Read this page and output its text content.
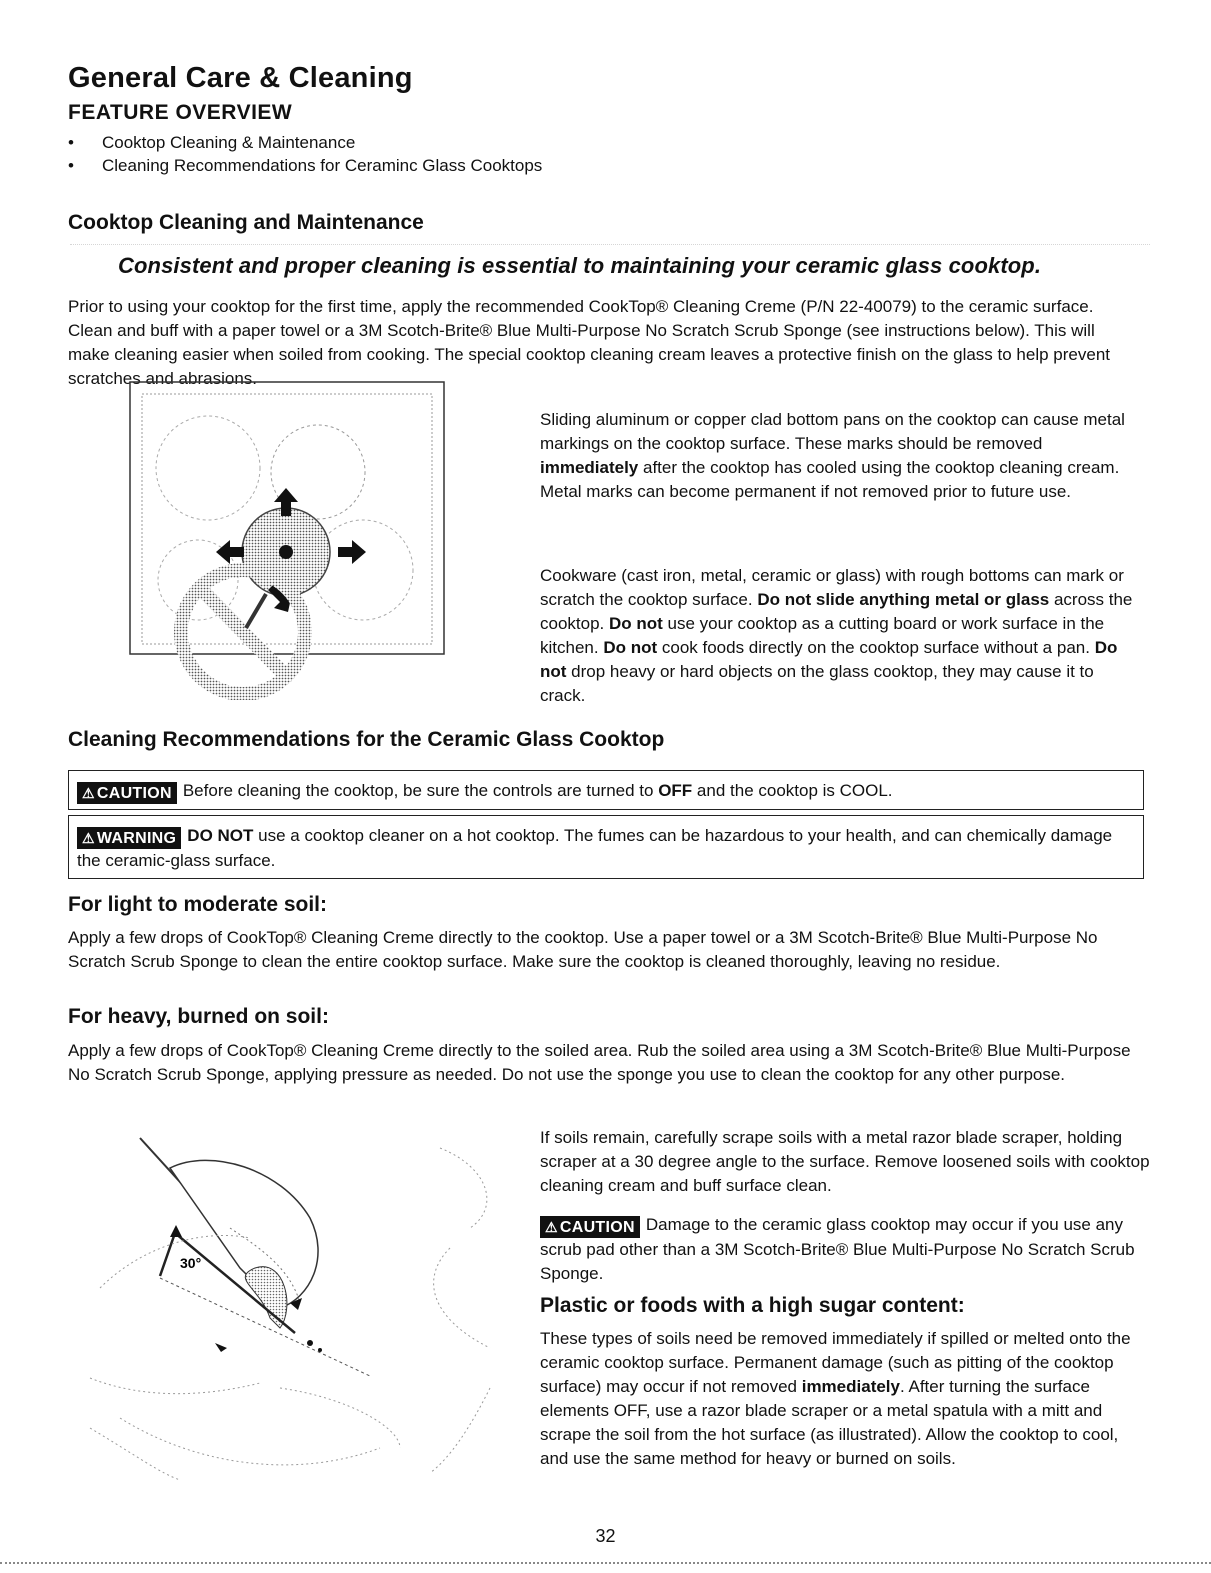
General Care & Cleaning
FEATURE OVERVIEW
• Cooktop Cleaning & Maintenance
• Cleaning Recommendations for Ceraminc Glass Cooktops
Cooktop Cleaning and Maintenance
Consistent and proper cleaning is essential to maintaining your ceramic glass cooktop.

Prior to using your cooktop for the first time, apply the recommended CookTop® Cleaning Creme (P/N 22-40079) to the ceramic surface. Clean and buff with a paper towel or a 3M Scotch-Brite® Blue Multi-Purpose No Scratch Scrub Sponge (see instructions below). This will make cleaning easier when soiled from cooking. The special cooktop cleaning cream leaves a protective finish on the glass to help prevent scratches and abrasions.

Sliding aluminum or copper clad bottom pans on the cooktop can cause metal markings on the cooktop surface. These marks should be removed immediately after the cooktop has cooled using the cooktop cleaning cream. Metal marks can become permanent if not removed prior to future use.

Cookware (cast iron, metal, ceramic or glass) with rough bottoms can mark or scratch the cooktop surface. Do not slide anything metal or glass across the cooktop. Do not use your cooktop as a cutting board or work surface in the kitchen. Do not cook foods directly on the cooktop surface without a pan. Do not drop heavy or hard objects on the glass cooktop, they may cause it to crack.

Cleaning Recommendations for the Ceramic Glass Cooktop
⚠ CAUTION Before cleaning the cooktop, be sure the controls are turned to OFF and the cooktop is COOL.
⚠ WARNING DO NOT use a cooktop cleaner on a hot cooktop. The fumes can be hazardous to your health, and can chemically damage the ceramic-glass surface.
For light to moderate soil:

Apply a few drops of CookTop® Cleaning Creme directly to the cooktop. Use a paper towel or a 3M Scotch-Brite® Blue Multi-Purpose No Scratch Scrub Sponge to clean the entire cooktop surface. Make sure the cooktop is cleaned thoroughly, leaving no residue.

For heavy, burned on soil:

Apply a few drops of CookTop® Cleaning Creme directly to the soiled area. Rub the soiled area using a 3M Scotch-Brite® Blue Multi-Purpose No Scratch Scrub Sponge, applying pressure as needed. Do not use the sponge you use to clean the cooktop for any other purpose.

30°

If soils remain, carefully scrape soils with a metal razor blade scraper, holding scraper at a 30 degree angle to the surface. Remove loosened soils with cooktop cleaning cream and buff surface clean.

⚠ CAUTION Damage to the ceramic glass cooktop may occur if you use any scrub pad other than a 3M Scotch-Brite® Blue Multi-Purpose No Scratch Scrub Sponge.
Plastic or foods with a high sugar content:

These types of soils need be removed immediately if spilled or melted onto the ceramic cooktop surface. Permanent damage (such as pitting of the cooktop surface) may occur if not removed immediately. After turning the surface elements OFF, use a razor blade scraper or a metal spatula with a mitt and scrape the soil from the hot surface (as illustrated). Allow the cooktop to cool, and use the same method for heavy or burned on soils.

32
